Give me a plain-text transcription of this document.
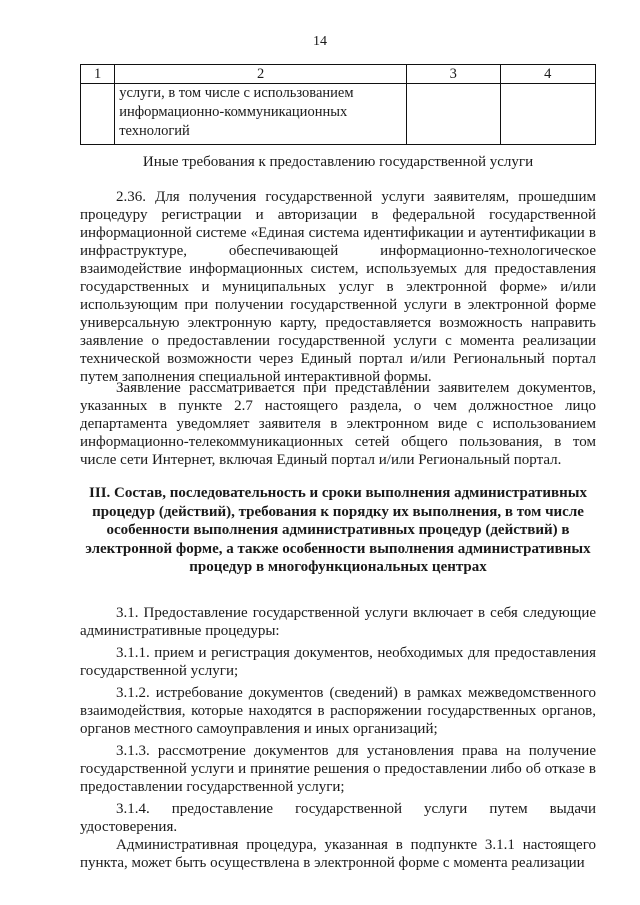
14
1	2	3	4
	услуги, в том числе с использованием информационно-коммуникационных технологий		
Иные требования к предоставлению государственной услуги

2.36. Для получения государственной услуги заявителям, прошедшим процедуру регистрации и авторизации в федеральной государственной информационной системе «Единая система идентификации и аутентификации в инфраструктуре, обеспечивающей информационно-технологическое взаимодействие информационных систем, используемых для предоставления государственных и муниципальных услуг в электронной форме» и/или использующим при получении государственной услуги в электронной форме универсальную электронную карту, предоставляется возможность направить заявление о предоставлении государственной услуги с момента реализации технической возможности через Единый портал и/или Региональный портал путем заполнения специальной интерактивной формы.

Заявление рассматривается при представлении заявителем документов, указанных в пункте 2.7 настоящего раздела, о чем должностное лицо департамента уведомляет заявителя в электронном виде с использованием информационно-телекоммуникационных сетей общего пользования, в том числе сети Интернет, включая Единый портал и/или Региональный портал.

III. Состав, последовательность и сроки выполнения административных процедур (действий), требования к порядку их выполнения, в том числе особенности выполнения административных процедур (действий) в электронной форме, а также особенности выполнения административных процедур в многофункциональных центрах

3.1. Предоставление государственной услуги включает в себя следующие административные процедуры:

3.1.1. прием и регистрация документов, необходимых для предоставления государственной услуги;

3.1.2. истребование документов (сведений) в рамках межведомственного взаимодействия, которые находятся в распоряжении государственных органов, органов местного самоуправления и иных организаций;

3.1.3. рассмотрение документов для установления права на получение государственной услуги и принятие решения о предоставлении либо об отказе в предоставлении государственной услуги;

3.1.4. предоставление государственной услуги путем выдачи удостоверения.

Административная процедура, указанная в подпункте 3.1.1 настоящего пункта, может быть осуществлена в электронной форме с момента реализации
